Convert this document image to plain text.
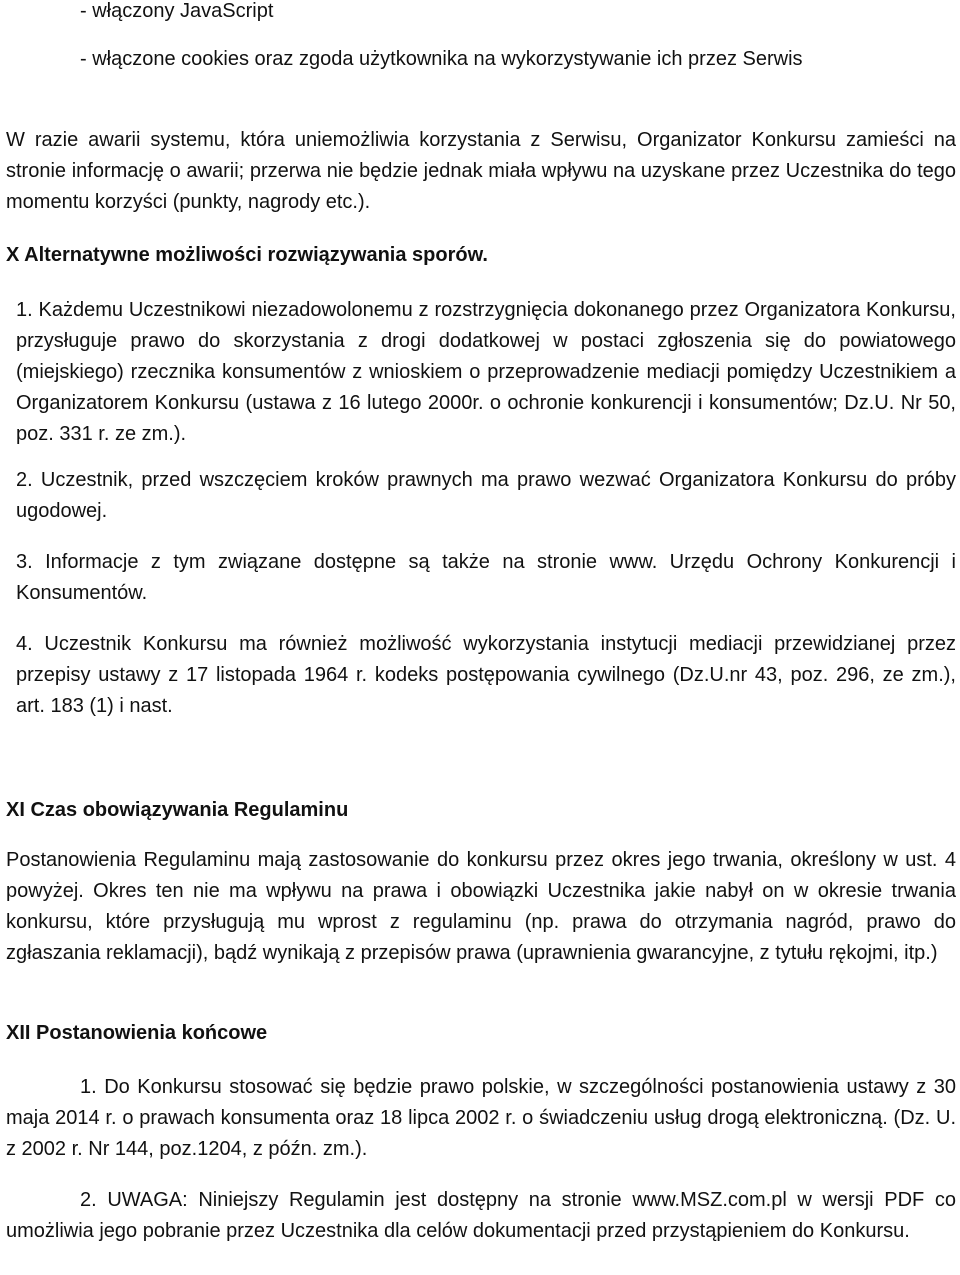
- włączony JavaScript

- włączone cookies oraz zgoda użytkownika na wykorzystywanie ich przez Serwis

W razie awarii systemu, która uniemożliwia korzystania z Serwisu, Organizator Konkursu zamieści na stronie informację o awarii; przerwa nie będzie jednak miała wpływu na uzyskane przez Uczestnika do tego momentu korzyści (punkty, nagrody etc.).

X Alternatywne możliwości rozwiązywania sporów.

1. Każdemu Uczestnikowi niezadowolonemu z rozstrzygnięcia dokonanego przez Organizatora Konkursu, przysługuje prawo do skorzystania z drogi dodatkowej w postaci zgłoszenia się do powiatowego (miejskiego) rzecznika konsumentów z wnioskiem o przeprowadzenie mediacji pomiędzy Uczestnikiem a Organizatorem Konkursu (ustawa z 16 lutego 2000r. o ochronie konkurencji i konsumentów; Dz.U. Nr 50, poz. 331 r. ze zm.).

2. Uczestnik, przed wszczęciem kroków prawnych ma prawo wezwać Organizatora Konkursu do próby ugodowej.

3. Informacje z tym związane dostępne są także na stronie www. Urzędu Ochrony Konkurencji i Konsumentów.

4. Uczestnik Konkursu ma również możliwość wykorzystania instytucji mediacji przewidzianej przez przepisy ustawy z 17 listopada 1964 r. kodeks postępowania cywilnego (Dz.U.nr 43, poz. 296, ze zm.), art. 183 (1) i nast.

XI Czas obowiązywania Regulaminu

Postanowienia Regulaminu mają zastosowanie do konkursu przez okres jego trwania, określony w ust. 4 powyżej. Okres ten nie ma wpływu na prawa i obowiązki Uczestnika jakie nabył on w okresie trwania konkursu, które przysługują mu wprost z regulaminu (np. prawa do otrzymania nagród, prawo do zgłaszania reklamacji), bądź wynikają z przepisów prawa (uprawnienia gwarancyjne, z tytułu rękojmi, itp.)

XII Postanowienia końcowe

1. Do Konkursu stosować się będzie prawo polskie, w szczególności postanowienia ustawy z 30 maja 2014 r. o prawach konsumenta oraz 18 lipca 2002 r. o świadczeniu usług drogą elektroniczną. (Dz. U. z 2002 r. Nr 144, poz.1204, z późn. zm.).

2. UWAGA: Niniejszy Regulamin jest dostępny na stronie www.MSZ.com.pl w wersji PDF co umożliwia jego pobranie przez Uczestnika dla celów dokumentacji przed przystąpieniem do Konkursu.
